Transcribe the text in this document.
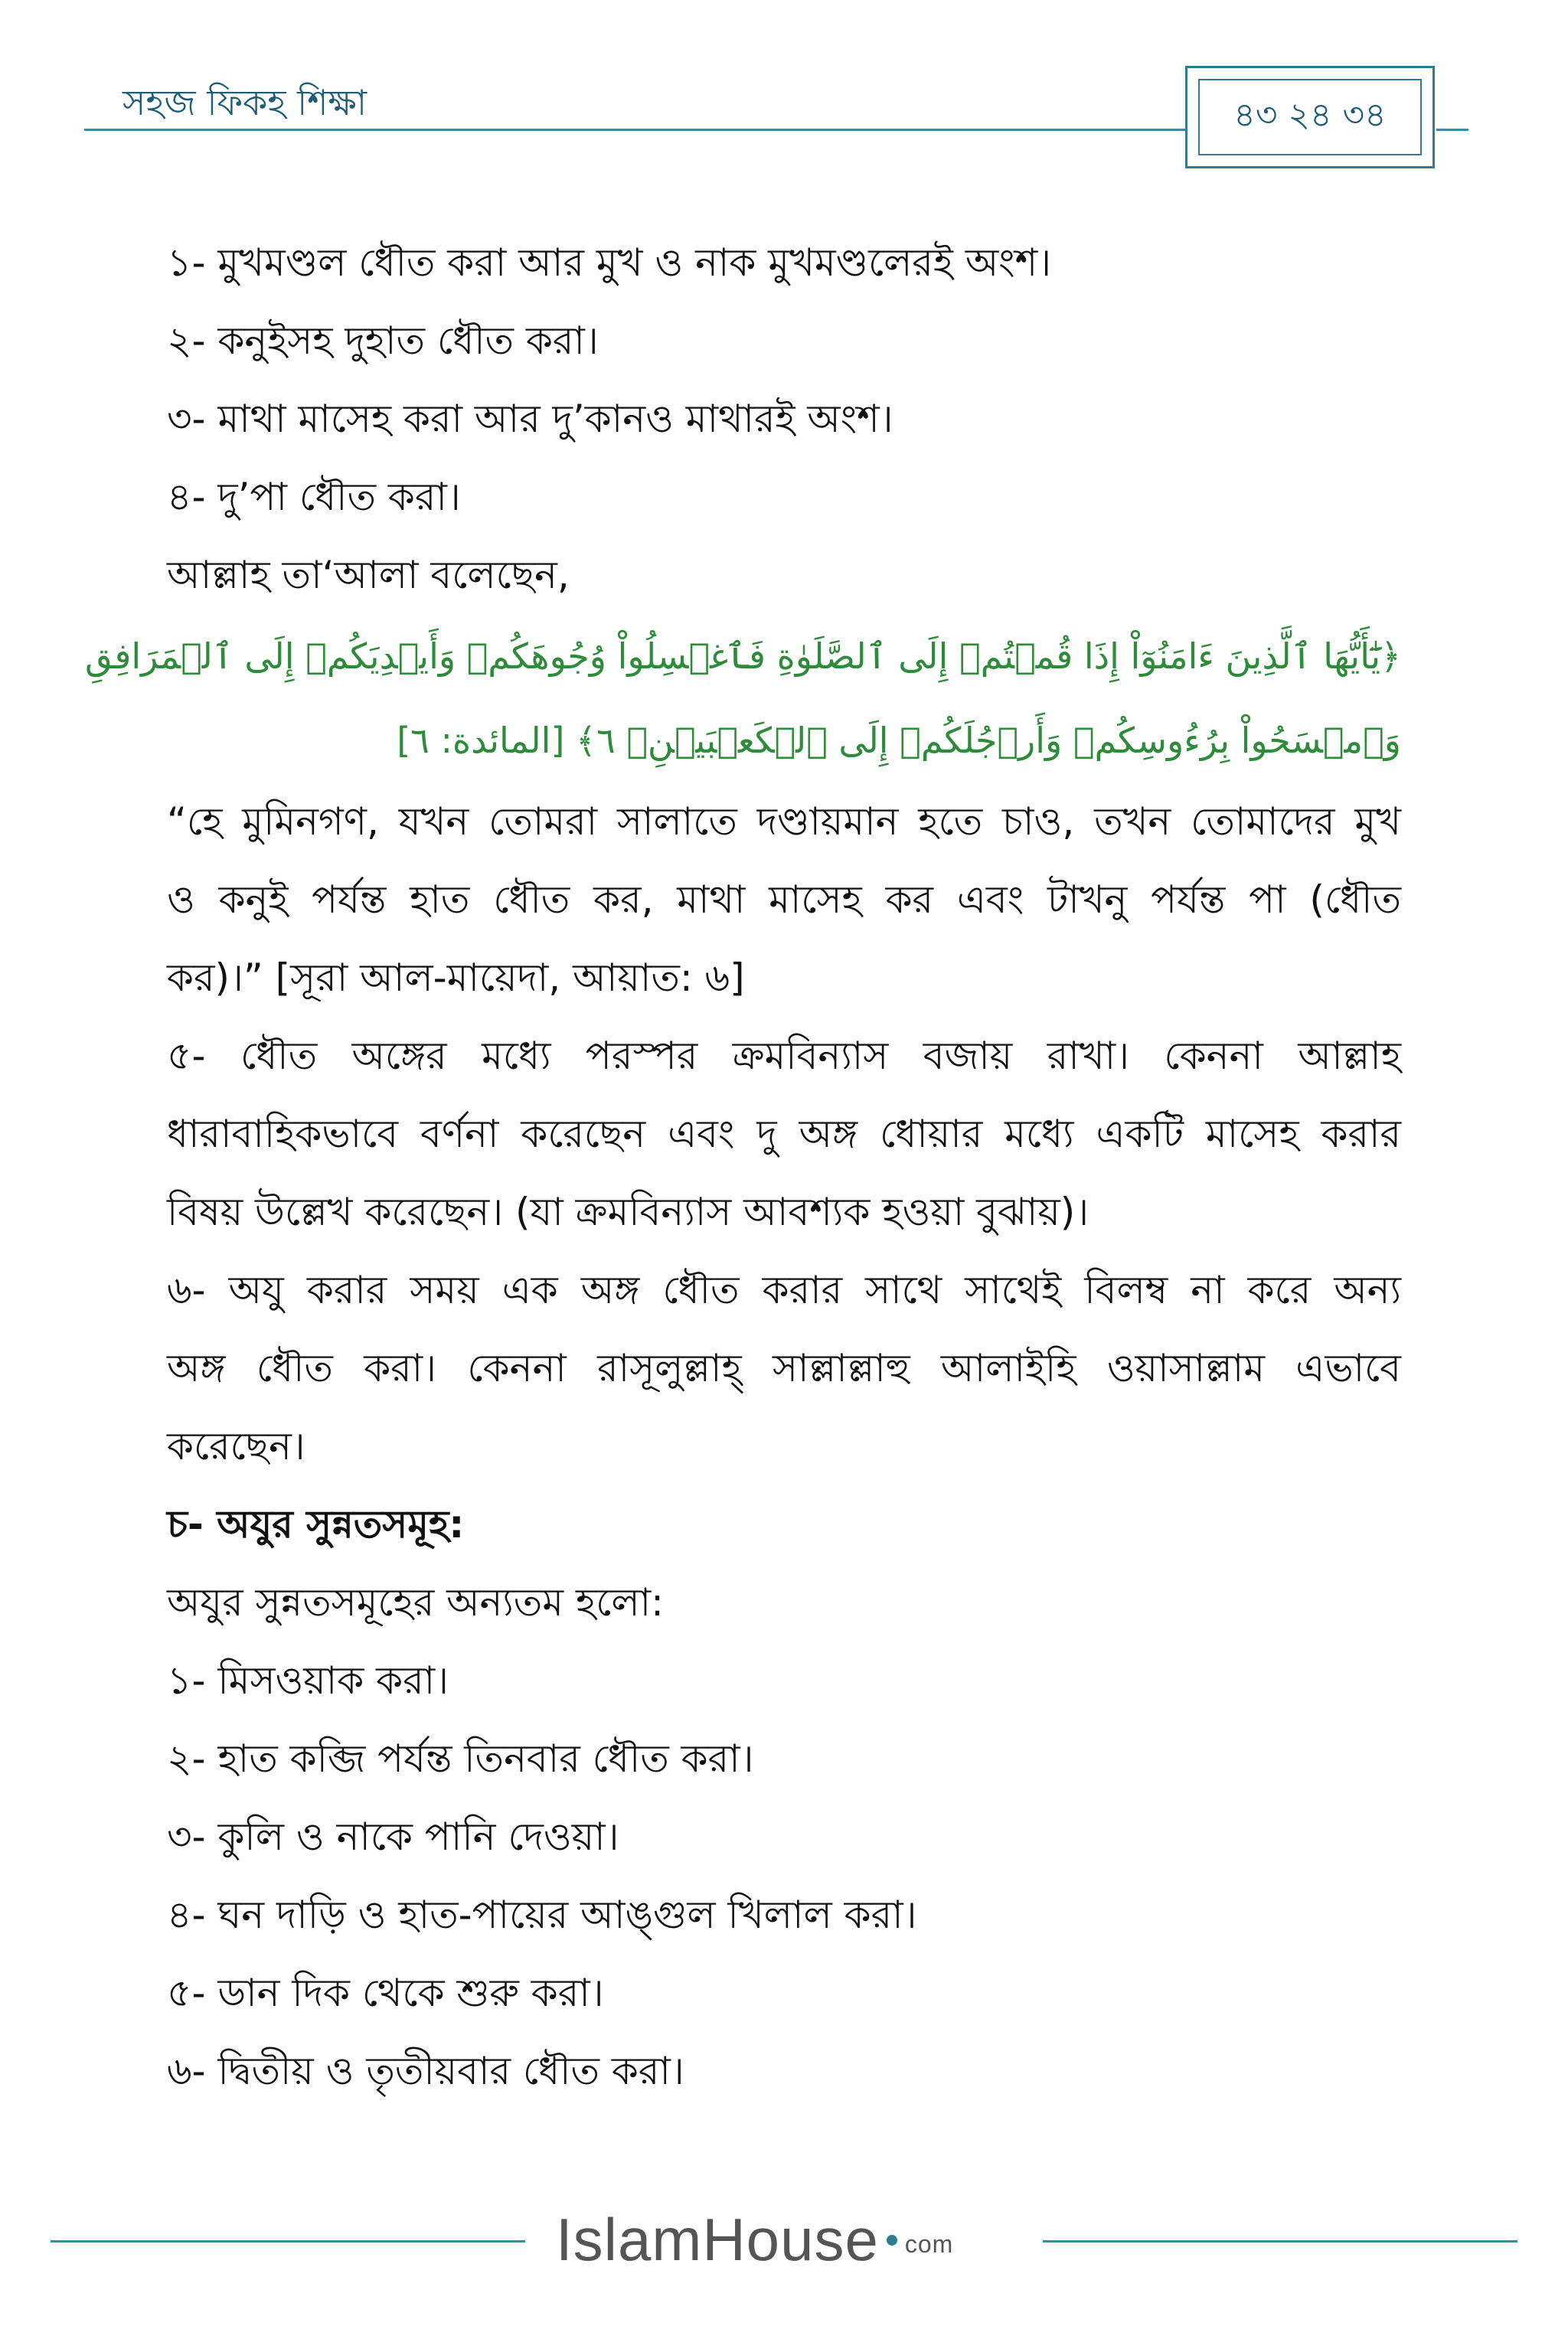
সহজ ফিকহ শিক্ষা	৪৩ ২৪ ৩৪
১- মুখমণ্ডল ধৌত করা আর মুখ ও নাক মুখমণ্ডলেরই অংশ।
২- কনুইসহ দুহাত ধৌত করা।
৩- মাথা মাসেহ করা আর দু’কানও মাথারই অংশ।
৪- দু’পা ধৌত করা।
আল্লাহ তা‘আলা বলেছেন,
﴿يَٰٓأَيُّهَا ٱلَّذِينَ ءَامَنُوٓاْ إِذَا قُمۡتُمۡ إِلَى ٱلصَّلَوٰةِ فَٱغۡسِلُواْ وُجُوهَكُمۡ وَأَيۡدِيَكُمۡ إِلَى ٱلۡمَرَافِقِ
وَٱمۡسَحُواْ بِرُءُوسِكُمۡ وَأَرۡجُلَكُمۡ إِلَى ٱلۡكَعۡبَيۡنِۚ ٦﴾ [المائدة: ٦]
“হে মুমিনগণ, যখন তোমরা সালাতে দণ্ডায়মান হতে চাও, তখন তোমাদের মুখ
ও কনুই পর্যন্ত হাত ধৌত কর, মাথা মাসেহ কর এবং টাখনু পর্যন্ত পা (ধৌত
কর)।” [সূরা আল-মায়েদা, আয়াত: ৬]
৫- ধৌত অঙ্গের মধ্যে পরস্পর ক্রমবিন্যাস বজায় রাখা। কেননা আল্লাহ
ধারাবাহিকভাবে বর্ণনা করেছেন এবং দু অঙ্গ ধোয়ার মধ্যে একটি মাসেহ করার
বিষয় উল্লেখ করেছেন। (যা ক্রমবিন্যাস আবশ্যক হওয়া বুঝায়)।
৬- অযু করার সময় এক অঙ্গ ধৌত করার সাথে সাথেই বিলম্ব না করে অন্য
অঙ্গ ধৌত করা। কেননা রাসূলুল্লাহ্ সাল্লাল্লাহু আলাইহি ওয়াসাল্লাম এভাবে
করেছেন।
চ- অযুর সুন্নতসমূহ:
অযুর সুন্নতসমূহের অন্যতম হলো:
১- মিসওয়াক করা।
২- হাত কব্জি পর্যন্ত তিনবার ধৌত করা।
৩- কুলি ও নাকে পানি দেওয়া।
৪- ঘন দাড়ি ও হাত-পায়ের আঙ্গুল খিলাল করা।
৫- ডান দিক থেকে শুরু করা।
৬- দ্বিতীয় ও তৃতীয়বার ধৌত করা।
IslamHouse com
